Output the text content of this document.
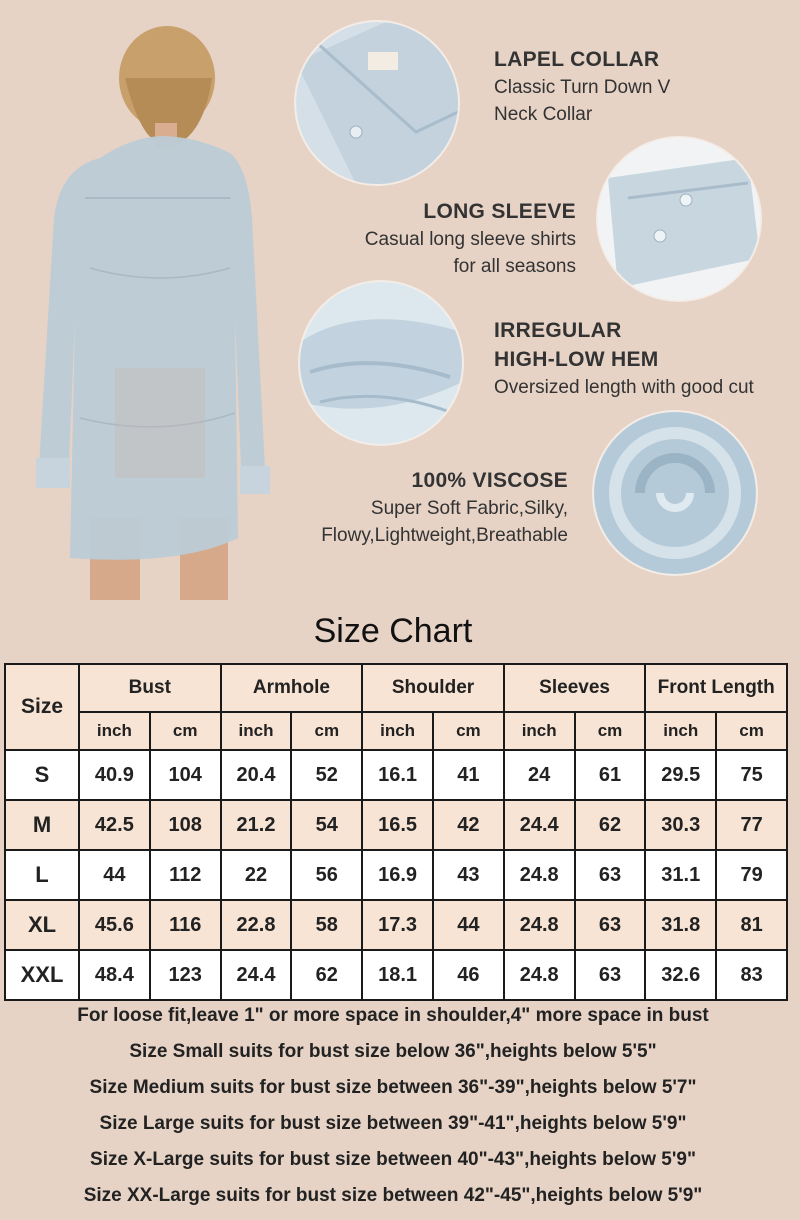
LAPEL COLLAR
Classic Turn Down V
Neck Collar
LONG SLEEVE
Casual long sleeve shirts
for all seasons
IRREGULAR
HIGH-LOW HEM
Oversized length with good cut
100% VISCOSE
Super Soft Fabric,Silky,
Flowy,Lightweight,Breathable
Size Chart
Size	Bust		Armhole		Shoulder		Sleeves		Front Length	
	inch	cm	inch	cm	inch	cm	inch	cm	inch	cm
S	40.9	104	20.4	52	16.1	41	24	61	29.5	75
M	42.5	108	21.2	54	16.5	42	24.4	62	30.3	77
L	44	112	22	56	16.9	43	24.8	63	31.1	79
XL	45.6	116	22.8	58	17.3	44	24.8	63	31.8	81
XXL	48.4	123	24.4	62	18.1	46	24.8	63	32.6	83
For loose fit,leave 1" or more space in shoulder,4" more space in bust
Size Small suits for bust size below 36",heights below 5'5"
Size Medium suits for bust size between 36"-39",heights below 5'7"
Size Large suits for bust size between 39"-41",heights below 5'9"
Size X-Large suits for bust size between 40"-43",heights below 5'9"
Size XX-Large suits for bust size between 42"-45",heights below 5'9"
